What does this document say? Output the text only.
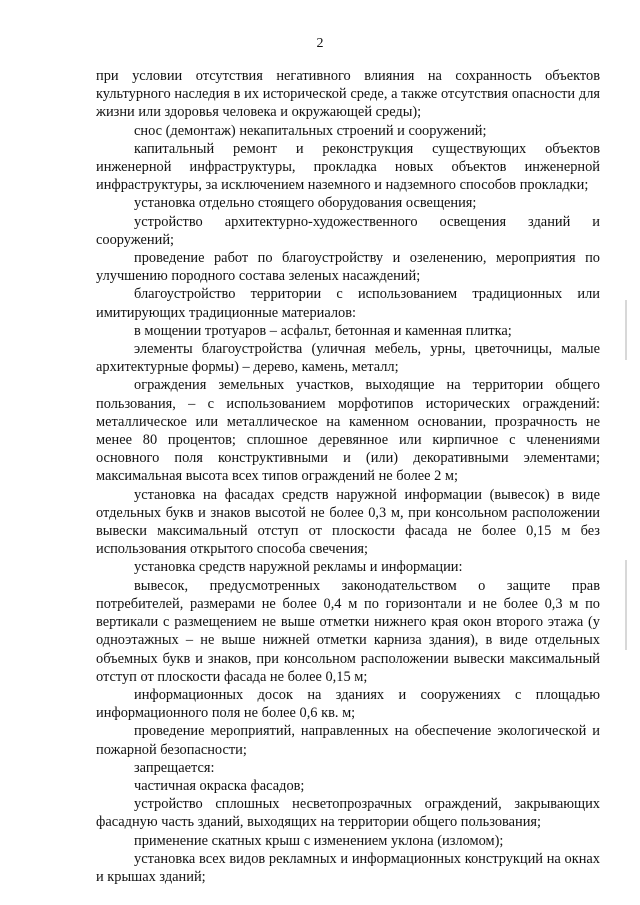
2

при условии отсутствия негативного влияния на сохранность объектов культурного наследия в их исторической среде, а также отсутствия опасности для жизни или здоровья человека и окружающей среды);

снос (демонтаж) некапитальных строений и сооружений;

капитальный ремонт и реконструкция существующих объектов инженерной инфраструктуры, прокладка новых объектов инженерной инфраструктуры, за исключением наземного и надземного способов прокладки;

установка отдельно стоящего оборудования освещения;

устройство архитектурно-художественного освещения зданий и сооружений;

проведение работ по благоустройству и озеленению, мероприятия по улучшению породного состава зеленых насаждений;

благоустройство территории с использованием традиционных или имитирующих традиционные материалов:

в мощении тротуаров – асфальт, бетонная и каменная плитка;

элементы благоустройства (уличная мебель, урны, цветочницы, малые архитектурные формы) – дерево, камень, металл;

ограждения земельных участков, выходящие на территории общего пользования, – с использованием морфотипов исторических ограждений: металлическое или металлическое на каменном основании, прозрачность не менее 80 процентов; сплошное деревянное или кирпичное с членениями основного поля конструктивными и (или) декоративными элементами; максимальная высота всех типов ограждений не более 2 м;

установка на фасадах средств наружной информации (вывесок) в виде отдельных букв и знаков высотой не более 0,3 м, при консольном расположении вывески максимальный отступ от плоскости фасада не более 0,15 м без использования открытого способа свечения;

установка средств наружной рекламы и информации:

вывесок, предусмотренных законодательством о защите прав потребителей, размерами не более 0,4 м по горизонтали и не более 0,3 м по вертикали с размещением не выше отметки нижнего края окон второго этажа (у одноэтажных – не выше нижней отметки карниза здания), в виде отдельных объемных букв и знаков, при консольном расположении вывески максимальный отступ от плоскости фасада не более 0,15 м;

информационных досок на зданиях и сооружениях с площадью информационного поля не более 0,6 кв. м;

проведение мероприятий, направленных на обеспечение экологической и пожарной безопасности;

запрещается:

частичная окраска фасадов;

устройство сплошных несветопрозрачных ограждений, закрывающих фасадную часть зданий, выходящих на территории общего пользования;

применение скатных крыш с изменением уклона (изломом);

установка всех видов рекламных и информационных конструкций на окнах и крышах зданий;
